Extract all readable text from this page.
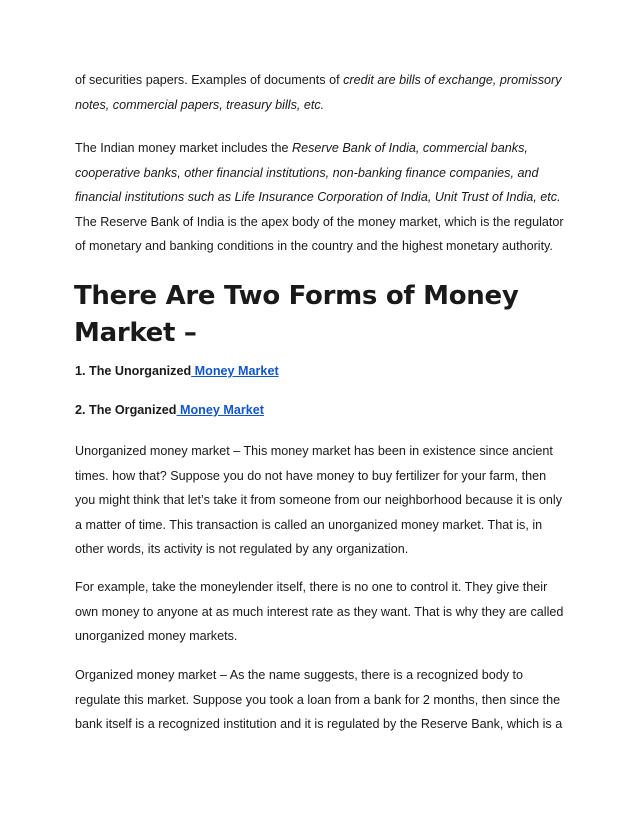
of securities papers. Examples of documents of credit are bills of exchange, promissory
notes, commercial papers, treasury bills, etc.
The Indian money market includes the Reserve Bank of India, commercial banks,
cooperative banks, other financial institutions, non-banking finance companies, and
financial institutions such as Life Insurance Corporation of India, Unit Trust of India, etc.
The Reserve Bank of India is the apex body of the money market, which is the regulator
of monetary and banking conditions in the country and the highest monetary authority.
There Are Two Forms of Money
Market –
1. The Unorganized Money Market
2. The Organized Money Market
Unorganized money market – This money market has been in existence since ancient
times. how that? Suppose you do not have money to buy fertilizer for your farm, then
you might think that let’s take it from someone from our neighborhood because it is only
a matter of time. This transaction is called an unorganized money market. That is, in
other words, its activity is not regulated by any organization.
For example, take the moneylender itself, there is no one to control it. They give their
own money to anyone at as much interest rate as they want. That is why they are called
unorganized money markets.
Organized money market – As the name suggests, there is a recognized body to
regulate this market. Suppose you took a loan from a bank for 2 months, then since the
bank itself is a recognized institution and it is regulated by the Reserve Bank, which is a
